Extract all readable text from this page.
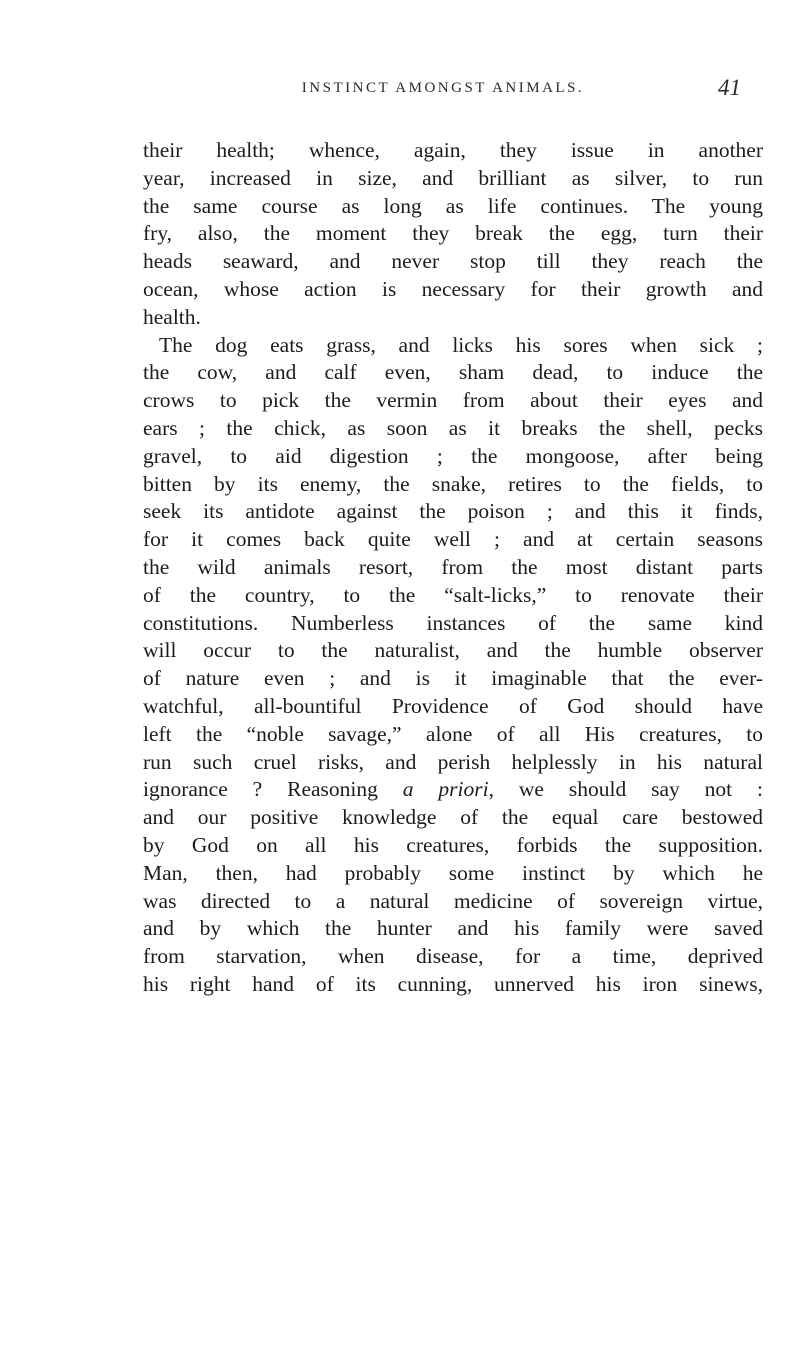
INSTINCT AMONGST ANIMALS.	41
their health; whence, again, they issue in another
year, increased in size, and brilliant as silver, to run
the same course as long as life continues. The young
fry, also, the moment they break the egg, turn their
heads seaward, and never stop till they reach the
ocean, whose action is necessary for their growth and
health.
The dog eats grass, and licks his sores when sick ;
the cow, and calf even, sham dead, to induce the
crows to pick the vermin from about their eyes and
ears ; the chick, as soon as it breaks the shell, pecks
gravel, to aid digestion ; the mongoose, after being
bitten by its enemy, the snake, retires to the fields, to
seek its antidote against the poison ; and this it finds,
for it comes back quite well ; and at certain seasons
the wild animals resort, from the most distant parts
of the country, to the “salt-licks,” to renovate their
constitutions. Numberless instances of the same kind
will occur to the naturalist, and the humble observer
of nature even ; and is it imaginable that the ever-
watchful, all-bountiful Providence of God should have
left the “noble savage,” alone of all His creatures, to
run such cruel risks, and perish helplessly in his natural
ignorance ? Reasoning a priori, we should say not :
and our positive knowledge of the equal care bestowed
by God on all his creatures, forbids the supposition.
Man, then, had probably some instinct by which he
was directed to a natural medicine of sovereign virtue,
and by which the hunter and his family were saved
from starvation, when disease, for a time, deprived
his right hand of its cunning, unnerved his iron sinews,
